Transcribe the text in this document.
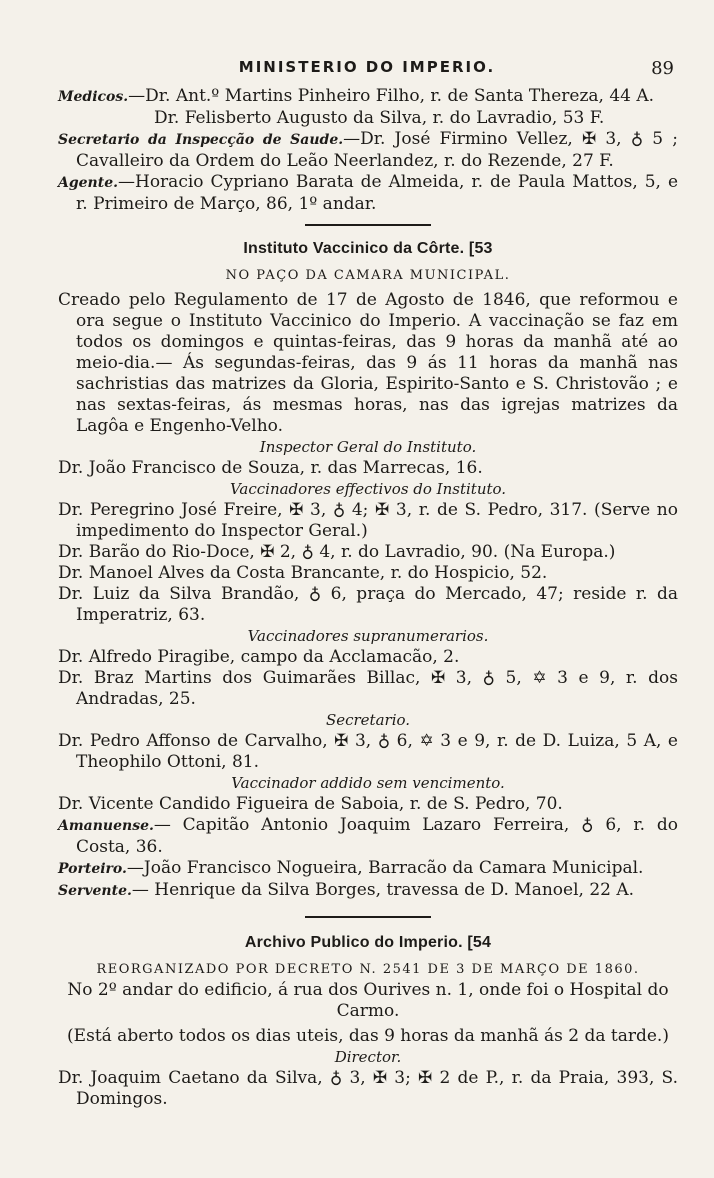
MINISTERIO DO IMPERIO.	89
Medicos.—Dr. Ant.º Martins Pinheiro Filho, r. de Santa Thereza, 44 A.
Dr. Felisberto Augusto da Silva, r. do Lavradio, 53 F.
Secretario da Inspecção de Saude.—Dr. José Firmino Vellez, ✠ 3, ♁ 5 ; Cavalleiro da Ordem do Leão Neerlandez, r. do Rezende, 27 F.
Agente.—Horacio Cypriano Barata de Almeida, r. de Paula Mattos, 5, e r. Primeiro de Março, 86, 1º andar.
Instituto Vaccinico da Côrte. [53
NO PAÇO DA CAMARA MUNICIPAL.
Creado pelo Regulamento de 17 de Agosto de 1846, que reformou e ora segue o Instituto Vaccinico do Imperio. A vaccinação se faz em todos os domingos e quintas-feiras, das 9 horas da manhã até ao meio-dia.— Ás segundas-feiras, das 9 ás 11 horas da manhã nas sachristias das matrizes da Gloria, Espirito-Santo e S. Christovão ; e nas sextas-feiras, ás mesmas horas, nas das igrejas matrizes da Lagôa e Engenho-Velho.
Inspector Geral do Instituto.
Dr. João Francisco de Souza, r. das Marrecas, 16.
Vaccinadores effectivos do Instituto.
Dr. Peregrino José Freire, ✠ 3, ♁ 4; ✠ 3, r. de S. Pedro, 317. (Serve no impedimento do Inspector Geral.)
Dr. Barão do Rio-Doce, ✠ 2, ♁ 4, r. do Lavradio, 90. (Na Europa.)
Dr. Manoel Alves da Costa Brancante, r. do Hospicio, 52.
Dr. Luiz da Silva Brandão, ♁ 6, praça do Mercado, 47; reside r. da Imperatriz, 63.
Vaccinadores supranumerarios.
Dr. Alfredo Piragibe, campo da Acclamacão, 2.
Dr. Braz Martins dos Guimarães Billac, ✠ 3, ♁ 5, ✡ 3 e 9, r. dos Andradas, 25.
Secretario.
Dr. Pedro Affonso de Carvalho, ✠ 3, ♁ 6, ✡ 3 e 9, r. de D. Luiza, 5 A, e Theophilo Ottoni, 81.
Vaccinador addido sem vencimento.
Dr. Vicente Candido Figueira de Saboia, r. de S. Pedro, 70.
Amanuense.— Capitão Antonio Joaquim Lazaro Ferreira, ♁ 6, r. do Costa, 36.
Porteiro.—João Francisco Nogueira, Barracão da Camara Municipal.
Servente.— Henrique da Silva Borges, travessa de D. Manoel, 22 A.
Archivo Publico do Imperio. [54
REORGANIZADO POR DECRETO N. 2541 DE 3 DE MARÇO DE 1860.
No 2º andar do edificio, á rua dos Ourives n. 1, onde foi o Hospital do Carmo.
(Está aberto todos os dias uteis, das 9 horas da manhã ás 2 da tarde.)
Director.
Dr. Joaquim Caetano da Silva, ♁ 3, ✠ 3; ✠ 2 de P., r. da Praia, 393, S. Domingos.
